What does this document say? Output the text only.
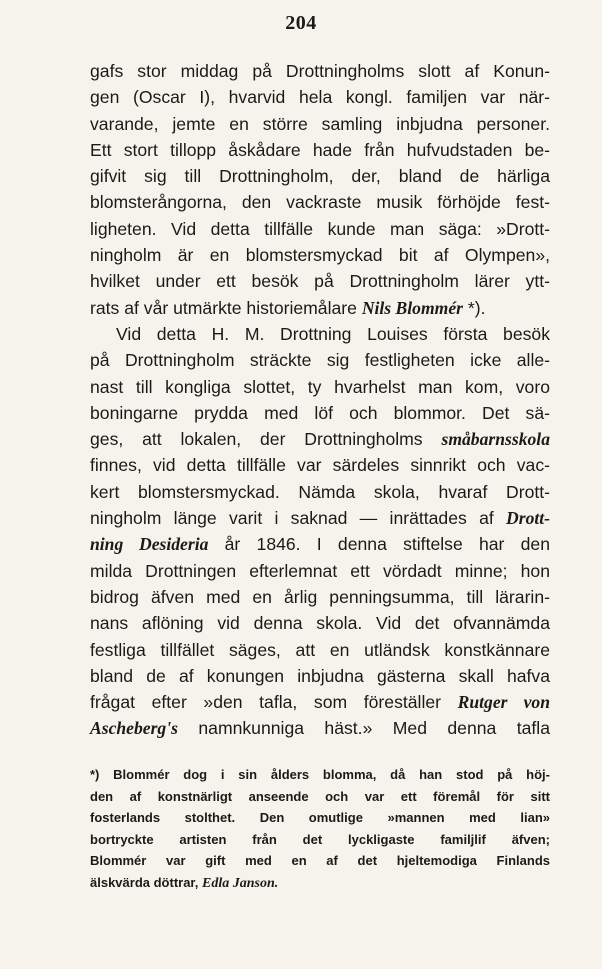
204
gafs stor middag på Drottningholms slott af Konun-
gen (Oscar I), hvarvid hela kongl. familjen var när-
varande, jemte en större samling inbjudna personer.
Ett stort tillopp åskådare hade från hufvudstaden be-
gifvit sig till Drottningholm, der, bland de härliga
blomsterångorna, den vackraste musik förhöjde fest-
ligheten. Vid detta tillfälle kunde man säga: »Drott-
ningholm är en blomstersmyckad bit af Olympen»,
hvilket under ett besök på Drottningholm lärer ytt-
rats af vår utmärkte historiemålare Nils Blommér *).
Vid detta H. M. Drottning Louises första besök
på Drottningholm sträckte sig festligheten icke alle-
nast till kongliga slottet, ty hvarhelst man kom, voro
boningarne prydda med löf och blommor. Det sä-
ges, att lokalen, der Drottningholms småbarnsskola
finnes, vid detta tillfälle var särdeles sinnrikt och vac-
kert blomstersmyckad. Nämda skola, hvaraf Drott-
ningholm länge varit i saknad — inrättades af Drott-
ning Desideria år 1846. I denna stiftelse har den
milda Drottningen efterlemnat ett vördadt minne; hon
bidrog äfven med en årlig penningsumma, till lärarin-
nans aflöning vid denna skola. Vid det ofvannämda
festliga tillfället säges, att en utländsk konstkännare
bland de af konungen inbjudna gästerna skall hafva
frågat efter »den tafla, som föreställer Rutger von
Ascheberg's namnkunniga häst.» Med denna tafla
*) Blommér dog i sin ålders blomma, då han stod på höj-
den af konstnärligt anseende och var ett föremål för sitt
fosterlands stolthet. Den omutlige »mannen med lian»
bortryckte artisten från det lyckligaste familjlif äfven;
Blommér var gift med en af det hjeltemodiga Finlands
älskvärda döttrar, Edla Janson.
